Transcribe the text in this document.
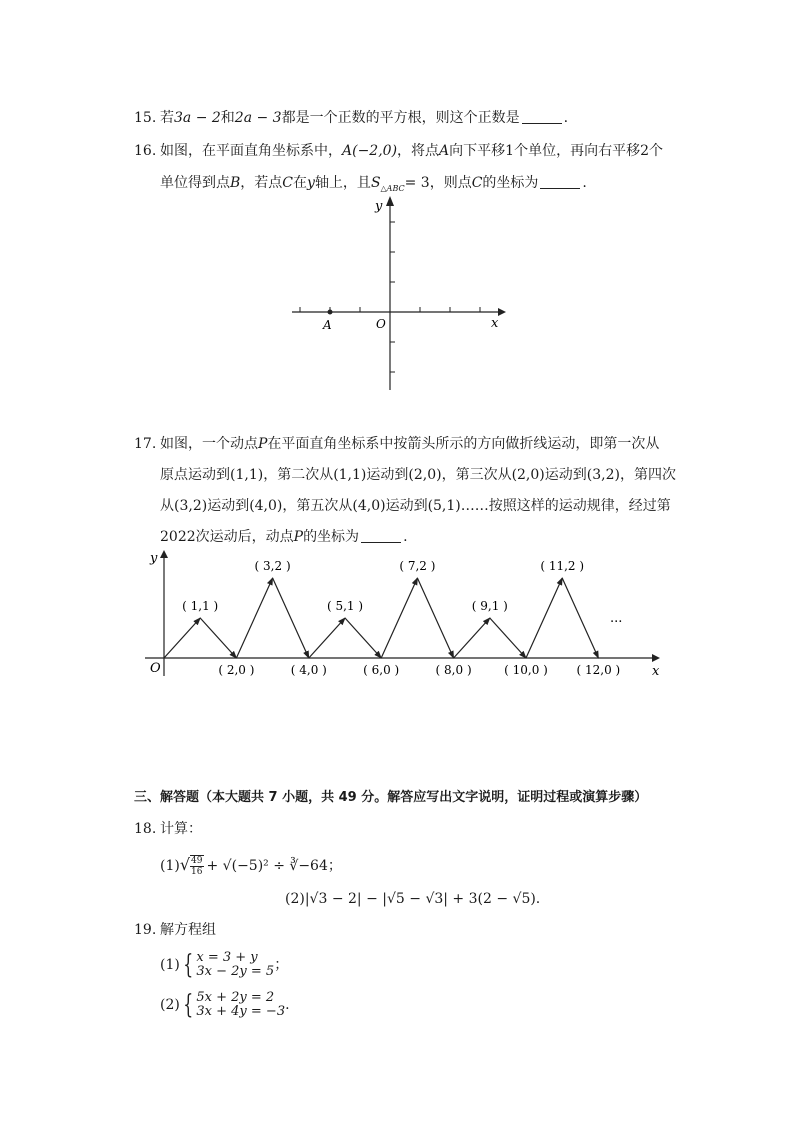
15. 若3a − 2和2a − 3都是一个正数的平方根，则这个正数是	.
16. 如图，在平面直角坐标系中，A(−2,0)，将点A向下平移1个单位，再向右平移2个
单位得到点B，若点C在y轴上，且$S_{\triangle ABC}= 3$，则点C的坐标为	.
A	O	x
y
17. 如图，一个动点P在平面直角坐标系中按箭头所示的方向做折线运动，即第一次从
原点运动到(1,1)，第二次从(1,1)运动到(2,0)，第三次从(2,0)运动到(3,2)，第四次
从(3,2)运动到(4,0)，第五次从(4,0)运动到(5,1)……按照这样的运动规律，经过第
2022次运动后，动点P的坐标为	.
y
x
O
...
( 1,1 )
( 2,0 )
( 3,2 )
( 4,0 )
( 5,1 )
( 6,0 )
( 7,2 )
( 8,0 )
( 9,1 )
( 10,0 )
( 11,2 )
( 12,0 )
三、解答题（本大题共 7 小题，共 49 分。解答应写出文字说明，证明过程或演算步骤）
18. 计算：
$(1)√ \frac{49}{16} + √(-5)^2$ ÷ ∛−64；
(2)|√3 − 2| − |√5 − √3| + 3(2 − √5).
19. 解方程组
(1) { x = 3 + y
3x − 2y = 5 ；
(2) { 5x + 2y = 2
3x + 4y = −3 .
